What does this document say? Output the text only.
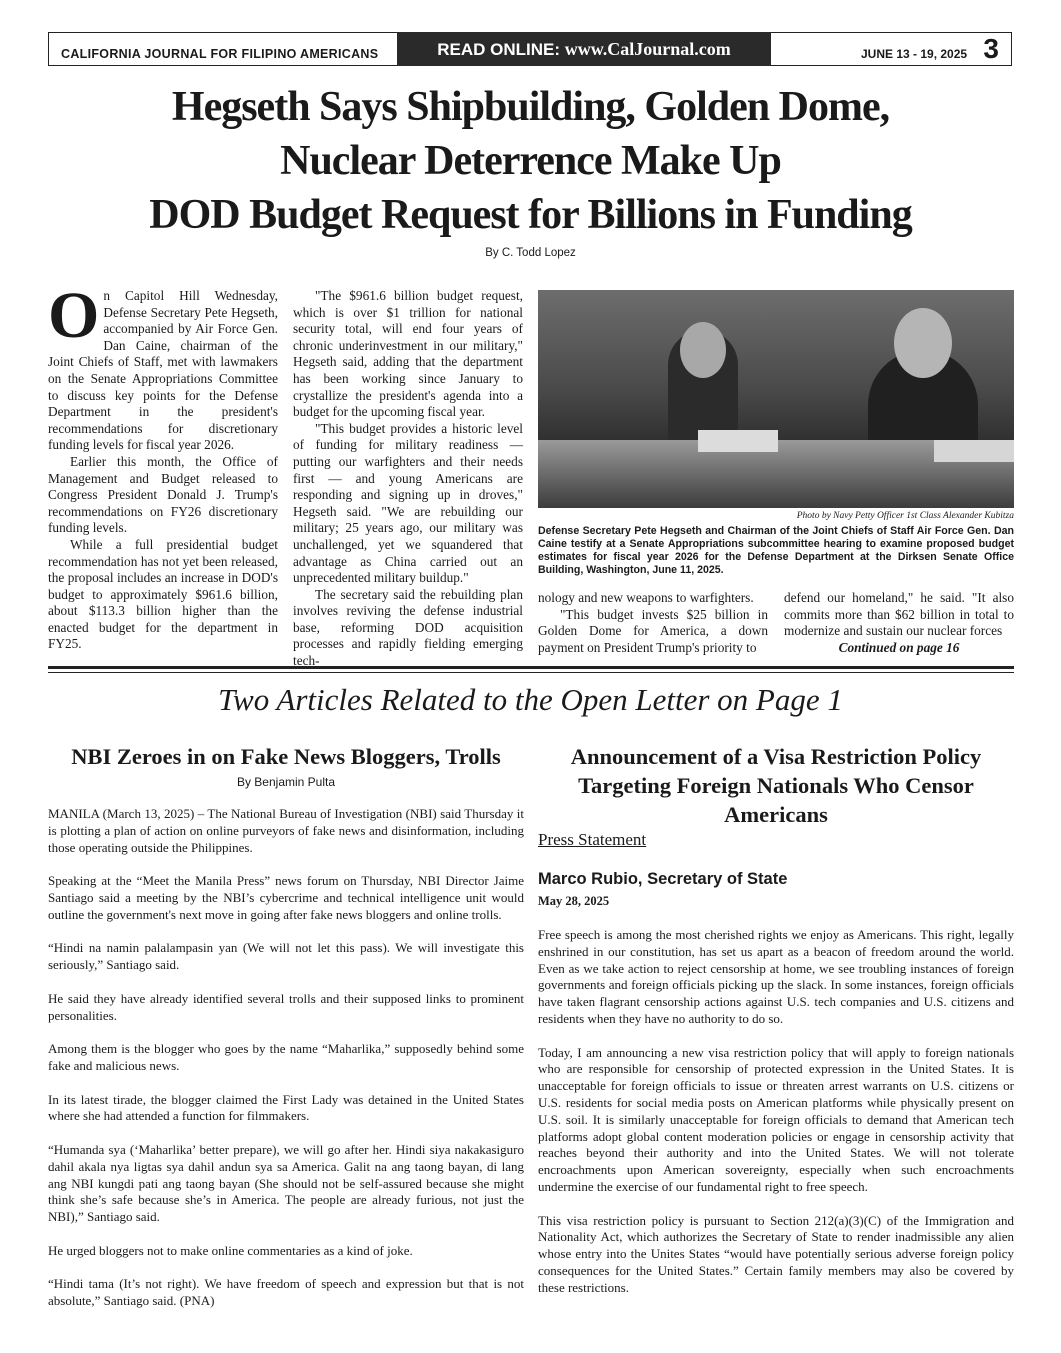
CALIFORNIA JOURNAL FOR FILIPINO AMERICANS	READ ONLINE: www.CalJournal.com	JUNE 13 - 19, 2025 3
Hegseth Says Shipbuilding, Golden Dome,
Nuclear Deterrence Make Up
DOD Budget Request for Billions in Funding
By C. Todd Lopez
O n Capitol Hill Wednesday, Defense Secretary Pete Hegseth, accompanied by Air Force Gen. Dan Caine, chairman of the Joint Chiefs of Staff, met with lawmakers on the Senate Appropriations Committee to discuss key points for the Defense Department in the president's recommendations for discretionary funding levels for fiscal year 2026.

Earlier this month, the Office of Management and Budget released to Congress President Donald J. Trump's recommendations on FY26 discretionary funding levels.

While a full presidential budget recommendation has not yet been released, the proposal includes an increase in DOD's budget to approximately $961.6 billion, about $113.3 billion higher than the enacted budget for the department in FY25.

"The $961.6 billion budget request, which is over $1 trillion for national security total, will end four years of chronic underinvestment in our military," Hegseth said, adding that the department has been working since January to crystallize the president's agenda into a budget for the upcoming fiscal year.

"This budget provides a historic level of funding for military readiness — putting our warfighters and their needs first — and young Americans are responding and signing up in droves," Hegseth said. "We are rebuilding our military; 25 years ago, our military was unchallenged, yet we squandered that advantage as China carried out an unprecedented military buildup."

The secretary said the rebuilding plan involves reviving the defense industrial base, reforming DOD acquisition processes and rapidly fielding emerging tech-

Photo by Navy Petty Officer 1st Class Alexander Kubitza
Defense Secretary Pete Hegseth and Chairman of the Joint Chiefs of Staff Air Force Gen. Dan Caine testify at a Senate Appropriations subcommittee hearing to examine proposed budget estimates for fiscal year 2026 for the Defense Department at the Dirksen Senate Office Building, Washington, June 11, 2025.

nology and new weapons to warfighters.

"This budget invests $25 billion in Golden Dome for America, a down payment on President Trump's priority to

defend our homeland," he said. "It also commits more than $62 billion in total to modernize and sustain our nuclear forces

Continued on page 16

Two Articles Related to the Open Letter on Page 1
NBI Zeroes in on Fake News Bloggers, Trolls
By Benjamin Pulta

MANILA (March 13, 2025) – The National Bureau of Investigation (NBI) said Thursday it is plotting a plan of action on online purveyors of fake news and disinformation, including those operating outside the Philippines.

Speaking at the “Meet the Manila Press” news forum on Thursday, NBI Director Jaime Santiago said a meeting by the NBI’s cybercrime and technical intelligence unit would outline the government's next move in going after fake news bloggers and online trolls.

“Hindi na namin palalampasin yan (We will not let this pass). We will investigate this seriously,” Santiago said.

He said they have already identified several trolls and their supposed links to prominent personalities.

Among them is the blogger who goes by the name “Maharlika,” supposedly behind some fake and malicious news.

In its latest tirade, the blogger claimed the First Lady was detained in the United States where she had attended a function for filmmakers.

“Humanda sya (‘Maharlika’ better prepare), we will go after her. Hindi siya nakakasiguro dahil akala nya ligtas sya dahil andun sya sa America. Galit na ang taong bayan, di lang ang NBI kungdi pati ang taong bayan (She should not be self-assured because she might think she’s safe because she’s in America. The people are already furious, not just the NBI),” Santiago said.

He urged bloggers not to make online commentaries as a kind of joke.

“Hindi tama (It’s not right). We have freedom of speech and expression but that is not absolute,” Santiago said. (PNA)

Announcement of a Visa Restriction Policy Targeting Foreign Nationals Who Censor Americans
Press Statement
Marco Rubio, Secretary of State
May 28, 2025

Free speech is among the most cherished rights we enjoy as Americans. This right, legally enshrined in our constitution, has set us apart as a beacon of freedom around the world. Even as we take action to reject censorship at home, we see troubling instances of foreign governments and foreign officials picking up the slack. In some instances, foreign officials have taken flagrant censorship actions against U.S. tech companies and U.S. citizens and residents when they have no authority to do so.

Today, I am announcing a new visa restriction policy that will apply to foreign nationals who are responsible for censorship of protected expression in the United States. It is unacceptable for foreign officials to issue or threaten arrest warrants on U.S. citizens or U.S. residents for social media posts on American platforms while physically present on U.S. soil. It is similarly unacceptable for foreign officials to demand that American tech platforms adopt global content moderation policies or engage in censorship activity that reaches beyond their authority and into the United States. We will not tolerate encroachments upon American sovereignty, especially when such encroachments undermine the exercise of our fundamental right to free speech.

This visa restriction policy is pursuant to Section 212(a)(3)(C) of the Immigration and Nationality Act, which authorizes the Secretary of State to render inadmissible any alien whose entry into the Unites States “would have potentially serious adverse foreign policy consequences for the United States.” Certain family members may also be covered by these restrictions.
